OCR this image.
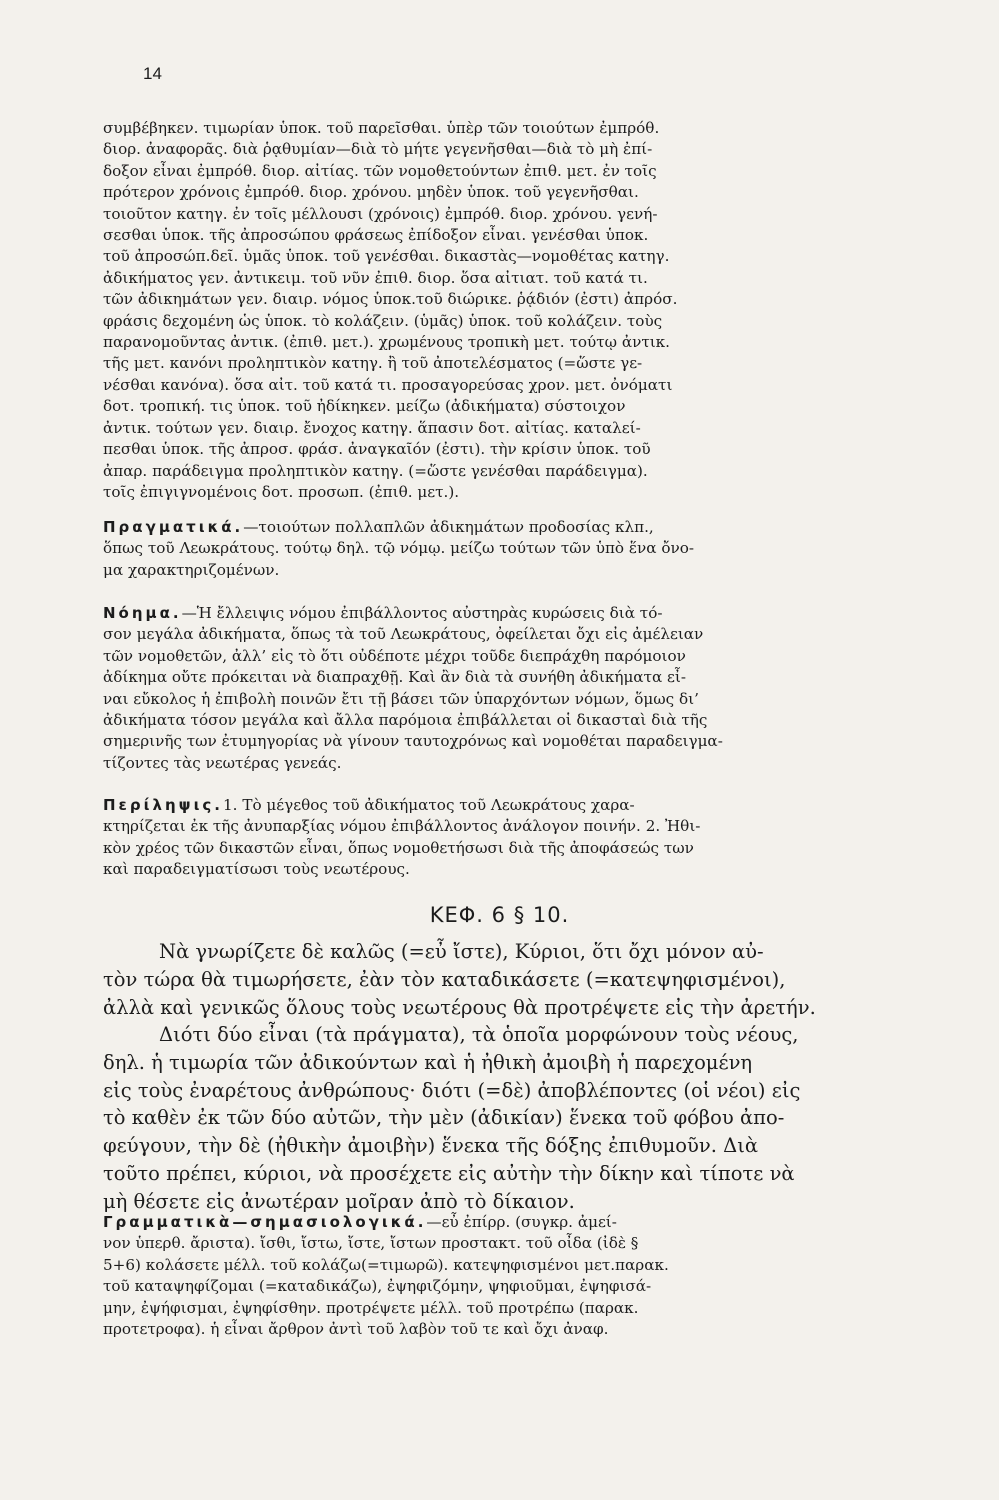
14

συμβέβηκεν. τιμωρίαν ὑποκ. τοῦ παρεῖσθαι. ὑπὲρ τῶν τοιούτων ἐμπρόθ.

διορ. ἀναφορᾶς. διὰ ῥᾳθυμίαν—διὰ τὸ μήτε γεγενῆσθαι—διὰ τὸ μὴ ἐπί-

δοξον εἶναι ἐμπρόθ. διορ. αἰτίας. τῶν νομοθετούντων ἐπιθ. μετ. ἐν τοῖς

πρότερον χρόνοις ἐμπρόθ. διορ. χρόνου. μηδὲν ὑποκ. τοῦ γεγενῆσθαι.

τοιοῦτον κατηγ. ἐν τοῖς μέλλουσι (χρόνοις) ἐμπρόθ. διορ. χρόνου. γενή-

σεσθαι ὑποκ. τῆς ἀπροσώπου φράσεως ἐπίδοξον εἶναι. γενέσθαι ὑποκ.

τοῦ ἀπροσώπ.δεῖ. ὑμᾶς ὑποκ. τοῦ γενέσθαι. δικαστὰς—νομοθέτας κατηγ.

ἀδικήματος γεν. ἀντικειμ. τοῦ νῦν ἐπιθ. διορ. ὅσα αἰτιατ. τοῦ κατά τι.

τῶν ἀδικημάτων γεν. διαιρ. νόμος ὑποκ.τοῦ διώρικε. ῥᾴδιόν (ἐστι) ἀπρόσ.

φράσις δεχομένη ὡς ὑποκ. τὸ κολάζειν. (ὑμᾶς) ὑποκ. τοῦ κολάζειν. τοὺς

παρανομοῦντας ἀντικ. (ἐπιθ. μετ.). χρωμένους τροπικὴ μετ. τούτῳ ἀντικ.

τῆς μετ. κανόνι προληπτικὸν κατηγ. ἢ τοῦ ἀποτελέσματος (=ὥστε γε-

νέσθαι κανόνα). ὅσα αἰτ. τοῦ κατά τι. προσαγορεύσας χρον. μετ. ὀνόματι

δοτ. τροπική. τις ὑποκ. τοῦ ἠδίκηκεν. μείζω (ἀδικήματα) σύστοιχον

ἀντικ. τούτων γεν. διαιρ. ἔνοχος κατηγ. ἅπασιν δοτ. αἰτίας. καταλεί-

πεσθαι ὑποκ. τῆς ἀπροσ. φράσ. ἀναγκαῖόν (ἐστι). τὴν κρίσιν ὑποκ. τοῦ

ἀπαρ. παράδειγμα προληπτικὸν κατηγ. (=ὥστε γενέσθαι παράδειγμα).

τοῖς ἐπιγιγνομένοις δοτ. προσωπ. (ἐπιθ. μετ.).

Πραγματικά.—τοιούτων πολλαπλῶν ἀδικημάτων προδοσίας κλπ.,

ὅπως τοῦ Λεωκράτους. τούτῳ δηλ. τῷ νόμῳ. μείζω τούτων τῶν ὑπὸ ἕνα ὄνο-

μα χαρακτηριζομένων.

Νόημα.—Ἡ ἔλλειψις νόμου ἐπιβάλλοντος αὐστηρὰς κυρώσεις διὰ τό-

σον μεγάλα ἀδικήματα, ὅπως τὰ τοῦ Λεωκράτους, ὀφείλεται ὄχι εἰς ἀμέλειαν

τῶν νομοθετῶν, ἀλλ’ εἰς τὸ ὅτι οὐδέποτε μέχρι τοῦδε διεπράχθη παρόμοιον

ἀδίκημα οὔτε πρόκειται νὰ διαπραχθῇ. Καὶ ἂν διὰ τὰ συνήθη ἀδικήματα εἶ-

ναι εὔκολος ἡ ἐπιβολὴ ποινῶν ἔτι τῇ βάσει τῶν ὑπαρχόντων νόμων, ὅμως δι’

ἀδικήματα τόσον μεγάλα καὶ ἄλλα παρόμοια ἐπιβάλλεται οἱ δικασταὶ διὰ τῆς

σημερινῆς των ἐτυμηγορίας νὰ γίνουν ταυτοχρόνως καὶ νομοθέται παραδειγμα-

τίζοντες τὰς νεωτέρας γενεάς.

Περίληψις.1. Τὸ μέγεθος τοῦ ἀδικήματος τοῦ Λεωκράτους χαρα-

κτηρίζεται ἐκ τῆς ἀνυπαρξίας νόμου ἐπιβάλλοντος ἀνάλογον ποινήν. 2. Ἠθι-

κὸν χρέος τῶν δικαστῶν εἶναι, ὅπως νομοθετήσωσι διὰ τῆς ἀποφάσεώς των

καὶ παραδειγματίσωσι τοὺς νεωτέρους.

ΚΕΦ. 6 § 10.

Νὰ γνωρίζετε δὲ καλῶς (=εὖ ἴστε), Κύριοι, ὅτι ὄχι μόνον αὐ-

τὸν τώρα θὰ τιμωρήσετε, ἐὰν τὸν καταδικάσετε (=κατεψηφισμένοι),

ἀλλὰ καὶ γενικῶς ὅλους τοὺς νεωτέρους θὰ προτρέψετε εἰς τὴν ἀρετήν.

Διότι δύο εἶναι (τὰ πράγματα), τὰ ὁποῖα μορφώνουν τοὺς νέους,

δηλ. ἡ τιμωρία τῶν ἀδικούντων καὶ ἡ ἠθικὴ ἀμοιβὴ ἡ παρεχομένη

εἰς τοὺς ἐναρέτους ἀνθρώπους· διότι (=δὲ) ἀποβλέποντες (οἱ νέοι) εἰς

τὸ καθὲν ἐκ τῶν δύο αὐτῶν, τὴν μὲν (ἀδικίαν) ἕνεκα τοῦ φόβου ἀπο-

φεύγουν, τὴν δὲ (ἠθικὴν ἀμοιβὴν) ἕνεκα τῆς δόξης ἐπιθυμοῦν. Διὰ

τοῦτο πρέπει, κύριοι, νὰ προσέχετε εἰς αὐτὴν τὴν δίκην καὶ τίποτε νὰ

μὴ θέσετε εἰς ἀνωτέραν μοῖραν ἀπὸ τὸ δίκαιον.

Γραμματικὰ—σημασιολογικά.—εὖ ἐπίρρ. (συγκρ. ἀμεί-

νον ὑπερθ. ἄριστα). ἴσθι, ἴστω, ἴστε, ἴστων προστακτ. τοῦ οἶδα (ἰδὲ §

5+6) κολάσετε μέλλ. τοῦ κολάζω(=τιμωρῶ). κατεψηφισμένοι μετ.παρακ.

τοῦ καταψηφίζομαι (=καταδικάζω), ἐψηφιζόμην, ψηφιοῦμαι, ἐψηφισά-

μην, ἐψήφισμαι, ἐψηφίσθην. προτρέψετε μέλλ. τοῦ προτρέπω (παρακ.

προτετροφα). ἡ εἶναι ἄρθρον ἀντὶ τοῦ λαβὸν τοῦ τε καὶ ὄχι ἀναφ.
